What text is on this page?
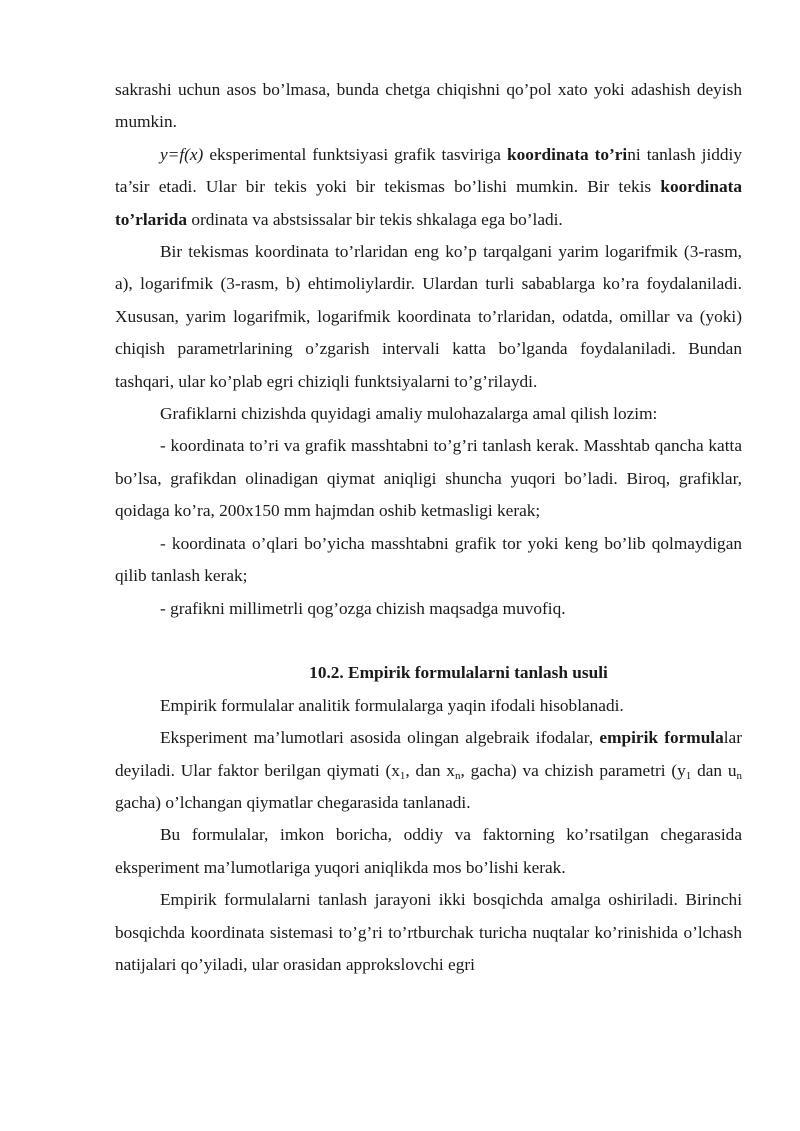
sakrashi uchun asos bo’lmasa, bunda chetga chiqishni qo’pol xato yoki adashish deyish mumkin.

y=f(x) eksperimental funktsiyasi grafik tasviriga koordinata to’rini tanlash jiddiy ta’sir etadi. Ular bir tekis yoki bir tekismas bo’lishi mumkin. Bir tekis koordinata to’rlarida ordinata va abstsissalar bir tekis shkalaga ega bo’ladi.

Bir tekismas koordinata to’rlaridan eng ko’p tarqalgani yarim logarifmik (3-rasm, a), logarifmik (3-rasm, b) ehtimoliylardir. Ulardan turli sabablarga ko’ra foydalaniladi. Xususan, yarim logarifmik, logarifmik koordinata to’rlaridan, odatda, omillar va (yoki) chiqish parametrlarining o’zgarish intervali katta bo’lganda foydalaniladi. Bundan tashqari, ular ko’plab egri chiziqli funktsiyalarni to’g’rilaydi.

Grafiklarni chizishda quyidagi amaliy mulohazalarga amal qilish lozim:

- koordinata to’ri va grafik masshtabni to’g’ri tanlash kerak. Masshtab qancha katta bo’lsa, grafikdan olinadigan qiymat aniqligi shuncha yuqori bo’ladi. Biroq, grafiklar, qoidaga ko’ra, 200x150 mm hajmdan oshib ketmasligi kerak;

- koordinata o’qlari bo’yicha masshtabni grafik tor yoki keng bo’lib qolmaydigan qilib tanlash kerak;

- grafikni millimetrli qog’ozga chizish maqsadga muvofiq.

10.2. Empirik formulalarni tanlash usuli

Empirik formulalar analitik formulalarga yaqin ifodali hisoblanadi.

Eksperiment ma’lumotlari asosida olingan algebraik ifodalar, empirik formulalar deyiladi. Ular faktor berilgan qiymati ($x_1$, dan $x_n$, gacha) va chizish parametri ($y_1$ dan $u_n$ gacha) o’lchangan qiymatlar chegarasida tanlanadi.

Bu formulalar, imkon boricha, oddiy va faktorning ko’rsatilgan chegarasida eksperiment ma’lumotlariga yuqori aniqlikda mos bo’lishi kerak.

Empirik formulalarni tanlash jarayoni ikki bosqichda amalga oshiriladi. Birinchi bosqichda koordinata sistemasi to’g’ri to’rtburchak turicha nuqtalar ko’rinishida o’lchash natijalari qo’yiladi, ular orasidan approkslovchi egri
